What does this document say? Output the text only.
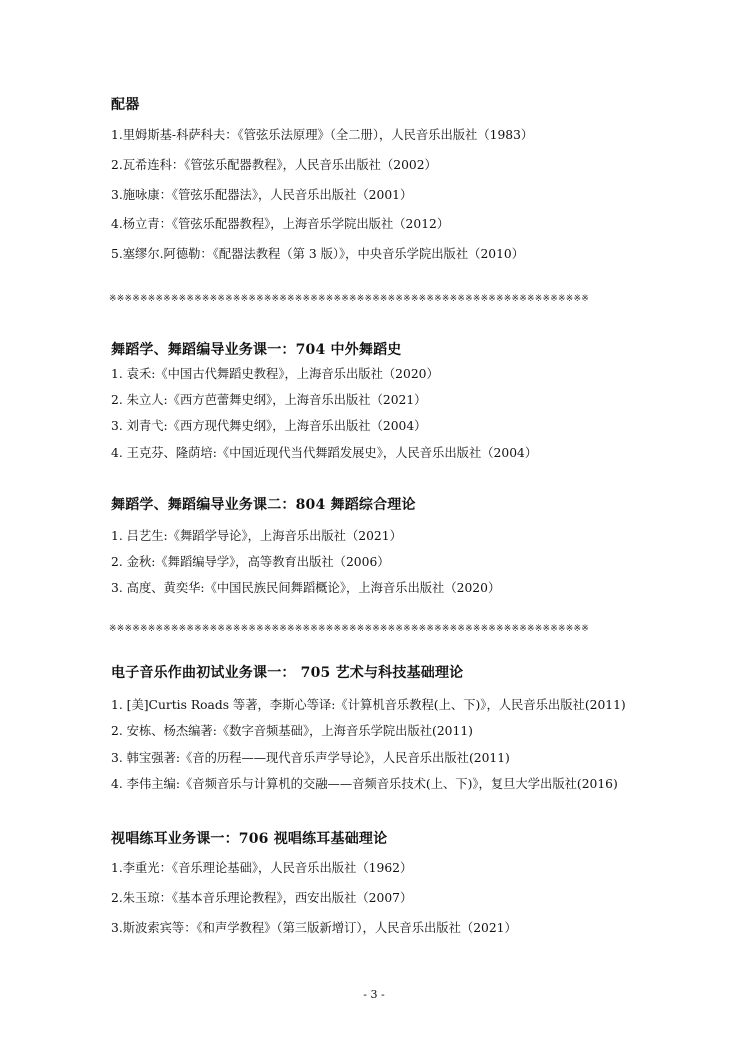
配器
1.里姆斯基-科萨科夫：《管弦乐法原理》（全二册），人民音乐出版社（1983）
2.瓦希连科：《管弦乐配器教程》，人民音乐出版社（2002）
3.施咏康：《管弦乐配器法》，人民音乐出版社（2001）
4.杨立青：《管弦乐配器教程》，上海音乐学院出版社（2012）
5.塞缪尔.阿德勒：《配器法教程（第 3 版）》，中央音乐学院出版社（2010）
※※※※※※※※※※※※※※※※※※※※※※※※※※※※※※※※※※※※※※※※※※※※※※※※※※※※※※※※※※※※※※
舞蹈学、舞蹈编导业务课一：704 中外舞蹈史
1. 袁禾:《中国古代舞蹈史教程》，上海音乐出版社（2020）
2. 朱立人:《西方芭蕾舞史纲》，上海音乐出版社（2021）
3. 刘青弋:《西方现代舞史纲》，上海音乐出版社（2004）
4. 王克芬、隆荫培:《中国近现代当代舞蹈发展史》，人民音乐出版社（2004）
舞蹈学、舞蹈编导业务课二：804 舞蹈综合理论
1. 吕艺生:《舞蹈学导论》，上海音乐出版社（2021）
2. 金秋:《舞蹈编导学》，高等教育出版社（2006）
3. 高度、黄奕华:《中国民族民间舞蹈概论》，上海音乐出版社（2020）
※※※※※※※※※※※※※※※※※※※※※※※※※※※※※※※※※※※※※※※※※※※※※※※※※※※※※※※※※※※※※※
电子音乐作曲初试业务课一： 705 艺术与科技基础理论
1. [美]Curtis Roads 等著，李斯心等译:《计算机音乐教程(上、下)》，人民音乐出版社(2011)
2. 安栋、杨杰编著:《数字音频基础》，上海音乐学院出版社(2011)
3. 韩宝强著:《音的历程——现代音乐声学导论》，人民音乐出版社(2011)
4. 李伟主编:《音频音乐与计算机的交融——音频音乐技术(上、下)》，复旦大学出版社(2016)
视唱练耳业务课一：706 视唱练耳基础理论
1.李重光：《音乐理论基础》，人民音乐出版社（1962）
2.朱玉琼：《基本音乐理论教程》，西安出版社（2007）
3.斯波索宾等：《和声学教程》（第三版新增订），人民音乐出版社（2021）
- 3 -
